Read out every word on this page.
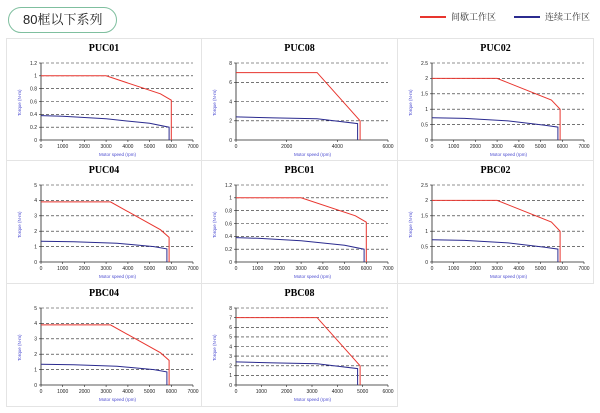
80框以下系列	间歇工作区	连续工作区
PUC01
0	1000 2000 3000 4000 5000 6000 7000
0
0.2
0.4
0.6
0.8
1
1.2
Torque (N·m)
Motor speed (rpm)
PUC08
0	2000	4000	6000
0
2
4
6
8
Torque (N·m)
Motor speed (rpm)
PUC02
0	1000 2000 3000 4000 5000 6000 7000
0
0.5
1
1.5
2
2.5
Torque (N·m)
Motor speed (rpm)
PUC04
0	1000 2000 3000 4000 5000 6000 7000
0
1
2
3
4
5
Torque (N·m)
Motor speed (rpm)
PBC01
0	1000 2000 3000 4000 5000 6000 7000
0
0.2
0.4
0.6
0.8
1
1.2
Torque (N·m)
Motor speed (rpm)
PBC02
0	1000 2000 3000 4000 5000 6000 7000
0
0.5
1
1.5
2
2.5
Torque (N·m)
Motor speed (rpm)
PBC04
0	1000 2000 3000 4000 5000 6000 7000
0
1
2
3
4
5
Torque (N·m)
Motor speed (rpm)
PBC08
0	1000	2000	3000	4000	5000	6000
0
1
2
3
4
5
6
7
8
Torque (N·m)
Motor speed (rpm)
